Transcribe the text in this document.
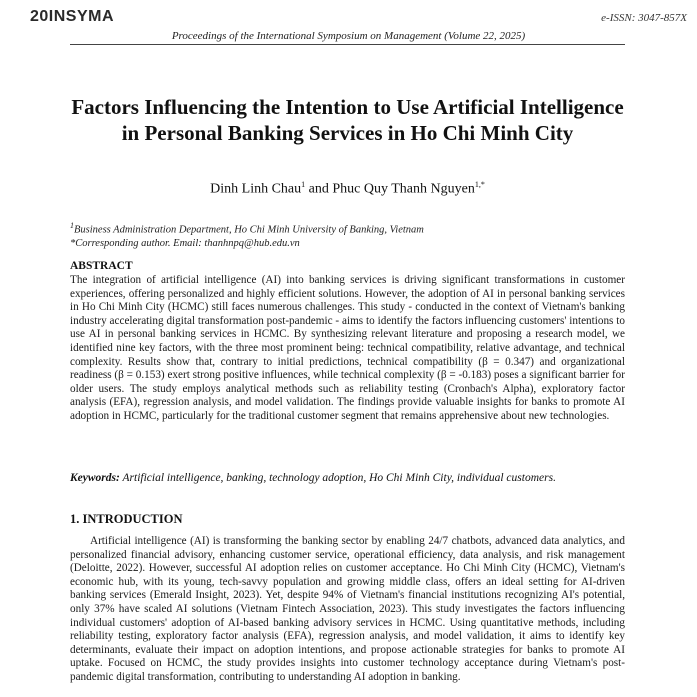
20INSYMA	e-ISSN: 3047-857X
Proceedings of the International Symposium on Management (Volume 22, 2025)
Factors Influencing the Intention to Use Artificial Intelligence in Personal Banking Services in Ho Chi Minh City
Dinh Linh Chau$^1$ and Phuc Quy Thanh Nguyen$^{1,*}$
$^1$Business Administration Department, Ho Chi Minh University of Banking, Vietnam
*Corresponding author. Email: thanhnpq@hub.edu.vn
ABSTRACT
The integration of artificial intelligence (AI) into banking services is driving significant transformations in customer experiences, offering personalized and highly efficient solutions. However, the adoption of AI in personal banking services in Ho Chi Minh City (HCMC) still faces numerous challenges. This study - conducted in the context of Vietnam's banking industry accelerating digital transformation post-pandemic - aims to identify the factors influencing customers' intentions to use AI in personal banking services in HCMC. By synthesizing relevant literature and proposing a research model, we identified nine key factors, with the three most prominent being: technical compatibility, relative advantage, and technical complexity. Results show that, contrary to initial predictions, technical compatibility (β = 0.347) and organizational readiness (β = 0.153) exert strong positive influences, while technical complexity (β = -0.183) poses a significant barrier for older users. The study employs analytical methods such as reliability testing (Cronbach's Alpha), exploratory factor analysis (EFA), regression analysis, and model validation. The findings provide valuable insights for banks to promote AI adoption in HCMC, particularly for the traditional customer segment that remains apprehensive about new technologies.
Keywords: Artificial intelligence, banking, technology adoption, Ho Chi Minh City, individual customers.
1. INTRODUCTION
Artificial intelligence (AI) is transforming the banking sector by enabling 24/7 chatbots, advanced data analytics, and personalized financial advisory, enhancing customer service, operational efficiency, data analysis, and risk management (Deloitte, 2022). However, successful AI adoption relies on customer acceptance. Ho Chi Minh City (HCMC), Vietnam's economic hub, with its young, tech-savvy population and growing middle class, offers an ideal setting for AI-driven banking services (Emerald Insight, 2023). Yet, despite 94% of Vietnam's financial institutions recognizing AI's potential, only 37% have scaled AI solutions (Vietnam Fintech Association, 2023). This study investigates the factors influencing individual customers' adoption of AI-based banking advisory services in HCMC. Using quantitative methods, including reliability testing, exploratory factor analysis (EFA), regression analysis, and model validation, it aims to identify key determinants, evaluate their impact on adoption intentions, and propose actionable strategies for banks to promote AI uptake. Focused on HCMC, the study provides insights into customer technology acceptance during Vietnam's post-pandemic digital transformation, contributing to understanding AI adoption in banking.
